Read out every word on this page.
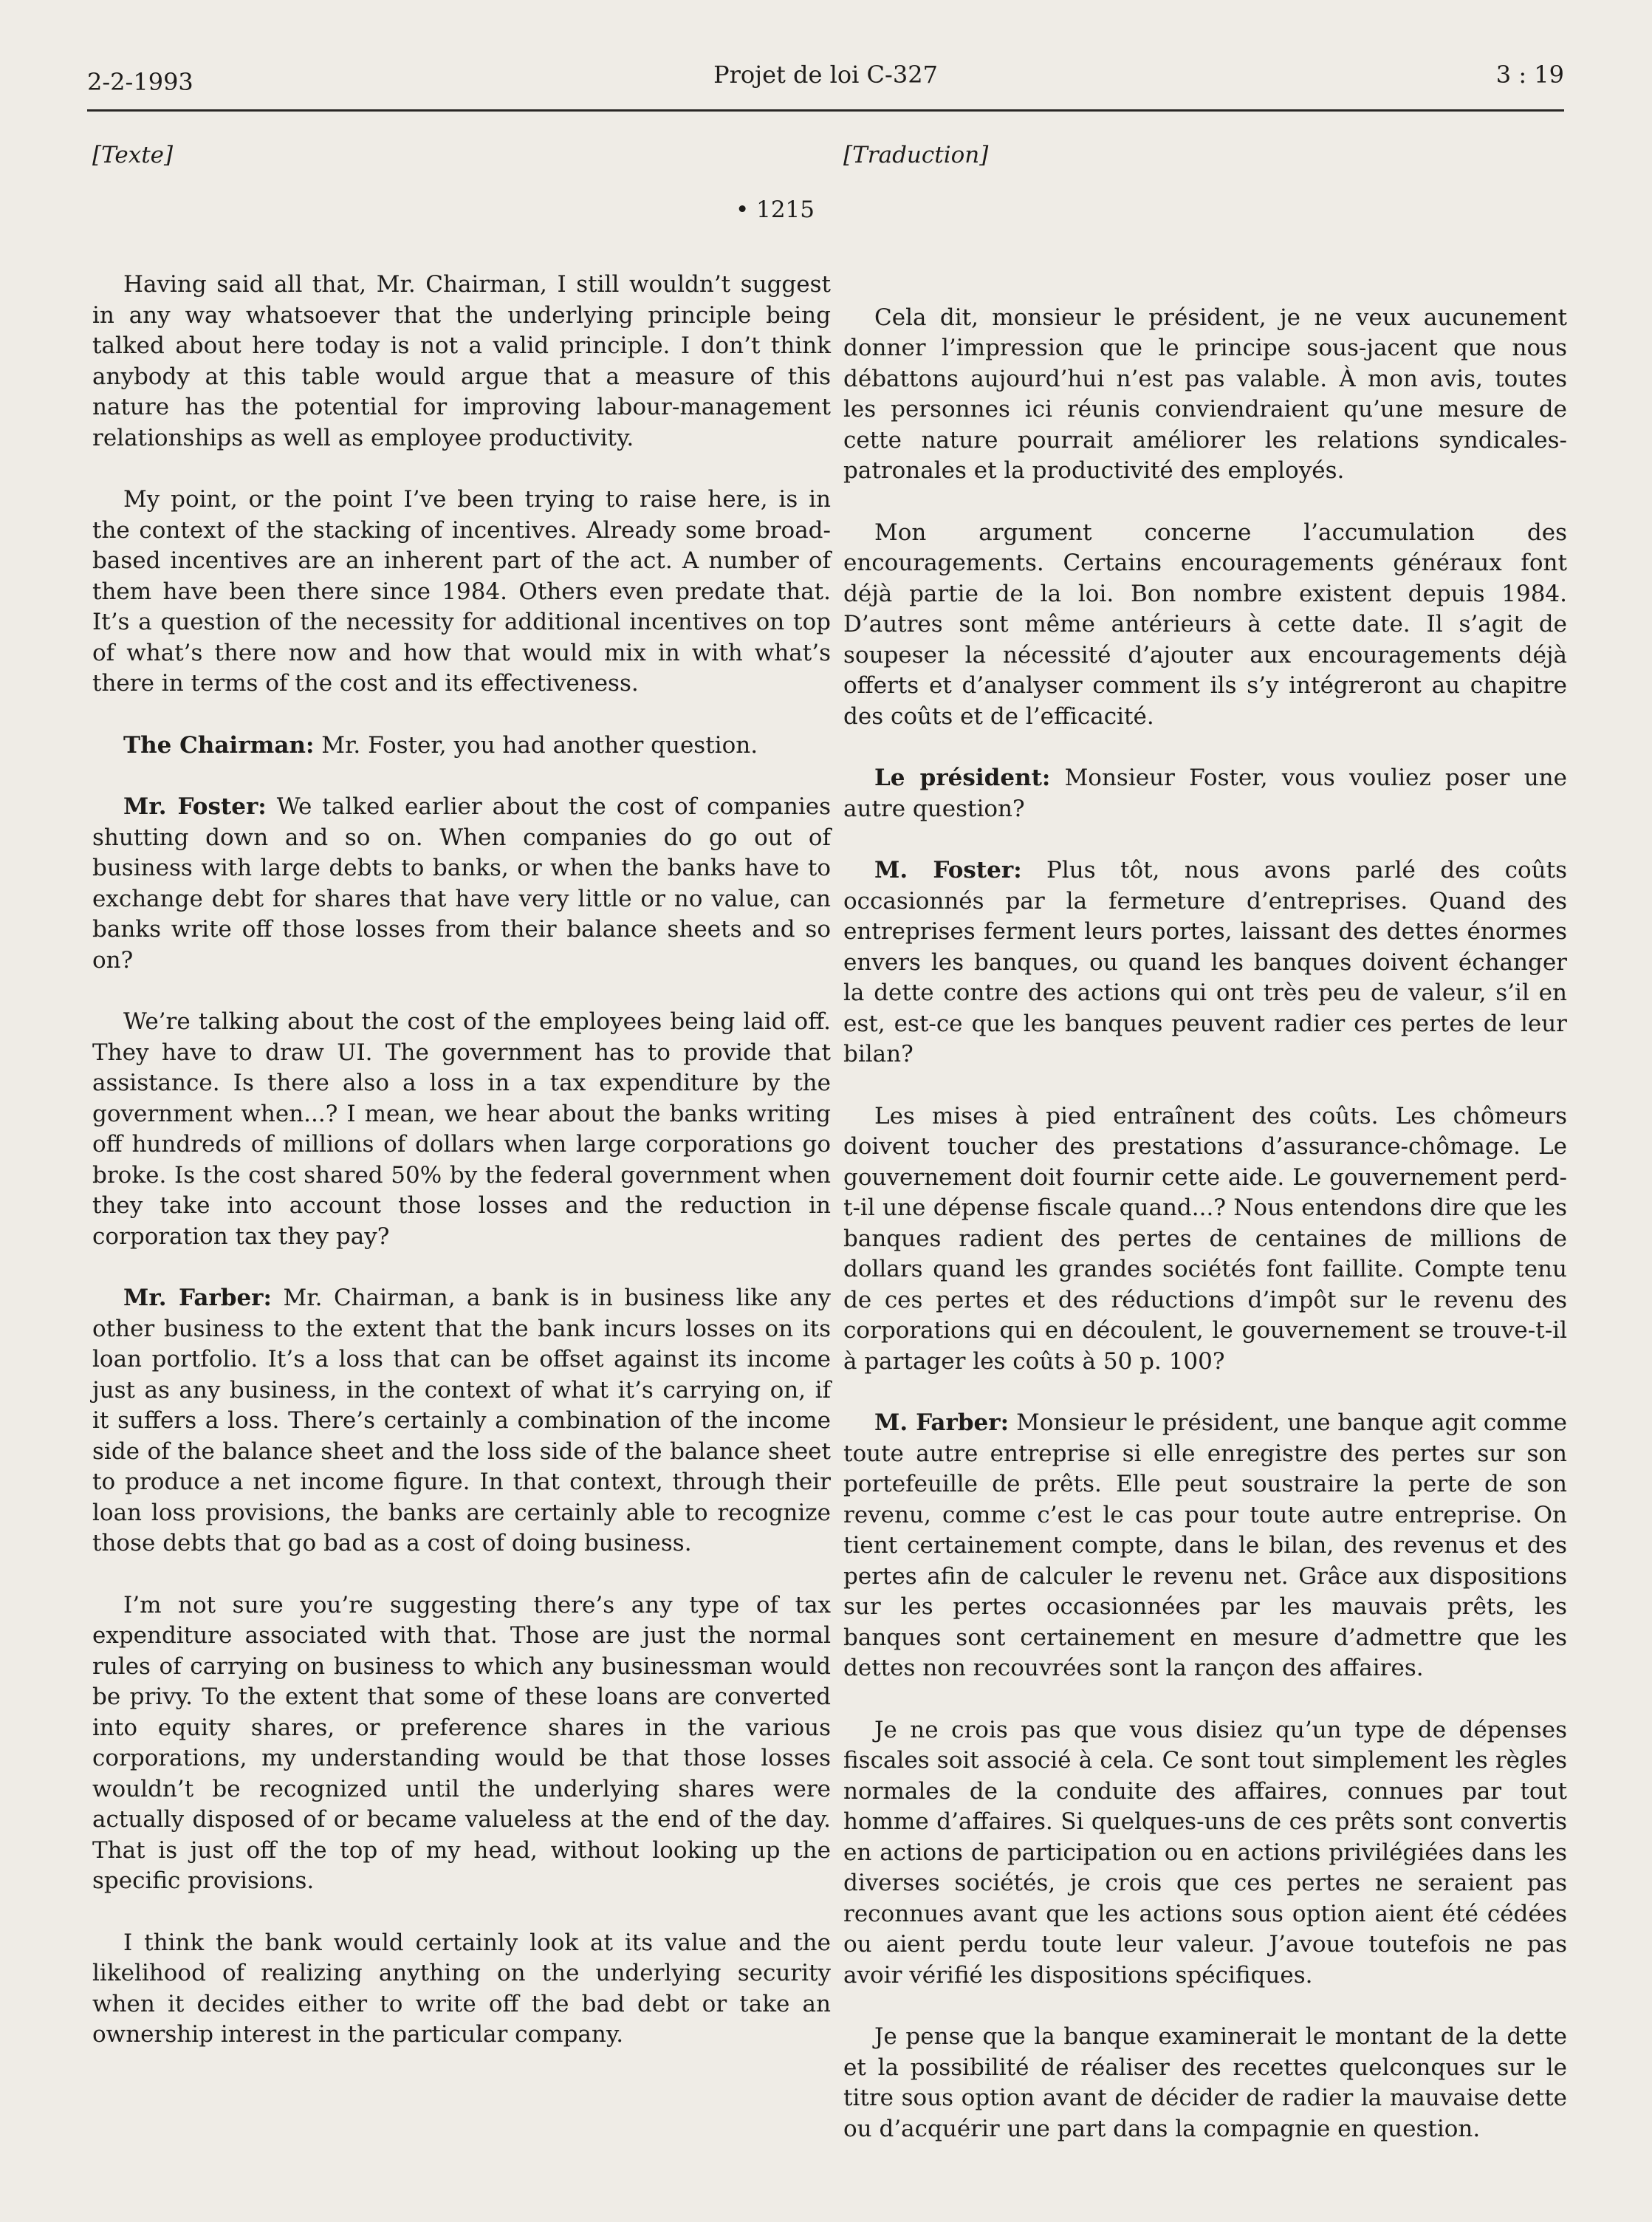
2-2-1993	Projet de loi C-327	3 : 19
[Texte]
• 1215

Having said all that, Mr. Chairman, I still wouldn’t suggest in any way whatsoever that the underlying principle being talked about here today is not a valid principle. I don’t think anybody at this table would argue that a measure of this nature has the potential for improving labour-management relationships as well as employee productivity.

My point, or the point I’ve been trying to raise here, is in the context of the stacking of incentives. Already some broad-based incentives are an inherent part of the act. A number of them have been there since 1984. Others even predate that. It’s a question of the necessity for additional incentives on top of what’s there now and how that would mix in with what’s there in terms of the cost and its effectiveness.

The Chairman: Mr. Foster, you had another question.

Mr. Foster: We talked earlier about the cost of companies shutting down and so on. When companies do go out of business with large debts to banks, or when the banks have to exchange debt for shares that have very little or no value, can banks write off those losses from their balance sheets and so on?

We’re talking about the cost of the employees being laid off. They have to draw UI. The government has to provide that assistance. Is there also a loss in a tax expenditure by the government when...? I mean, we hear about the banks writing off hundreds of millions of dollars when large corporations go broke. Is the cost shared 50% by the federal government when they take into account those losses and the reduction in corporation tax they pay?

Mr. Farber: Mr. Chairman, a bank is in business like any other business to the extent that the bank incurs losses on its loan portfolio. It’s a loss that can be offset against its income just as any business, in the context of what it’s carrying on, if it suffers a loss. There’s certainly a combination of the income side of the balance sheet and the loss side of the balance sheet to produce a net income figure. In that context, through their loan loss provisions, the banks are certainly able to recognize those debts that go bad as a cost of doing business.

I’m not sure you’re suggesting there’s any type of tax expenditure associated with that. Those are just the normal rules of carrying on business to which any businessman would be privy. To the extent that some of these loans are converted into equity shares, or preference shares in the various corporations, my understanding would be that those losses wouldn’t be recognized until the underlying shares were actually disposed of or became valueless at the end of the day. That is just off the top of my head, without looking up the specific provisions.

I think the bank would certainly look at its value and the likelihood of realizing anything on the underlying security when it decides either to write off the bad debt or take an ownership interest in the particular company.

[Traduction]

Cela dit, monsieur le président, je ne veux aucunement donner l’impression que le principe sous-jacent que nous débattons aujourd’hui n’est pas valable. À mon avis, toutes les personnes ici réunis conviendraient qu’une mesure de cette nature pourrait améliorer les relations syndicales-patronales et la productivité des employés.

Mon argument concerne l’accumulation des encouragements. Certains encouragements généraux font déjà partie de la loi. Bon nombre existent depuis 1984. D’autres sont même antérieurs à cette date. Il s’agit de soupeser la nécessité d’ajouter aux encouragements déjà offerts et d’analyser comment ils s’y intégreront au chapitre des coûts et de l’efficacité.

Le président: Monsieur Foster, vous vouliez poser une autre question?

M. Foster: Plus tôt, nous avons parlé des coûts occasionnés par la fermeture d’entreprises. Quand des entreprises ferment leurs portes, laissant des dettes énormes envers les banques, ou quand les banques doivent échanger la dette contre des actions qui ont très peu de valeur, s’il en est, est-ce que les banques peuvent radier ces pertes de leur bilan?

Les mises à pied entraînent des coûts. Les chômeurs doivent toucher des prestations d’assurance-chômage. Le gouvernement doit fournir cette aide. Le gouvernement perd-t-il une dépense fiscale quand...? Nous entendons dire que les banques radient des pertes de centaines de millions de dollars quand les grandes sociétés font faillite. Compte tenu de ces pertes et des réductions d’impôt sur le revenu des corporations qui en découlent, le gouvernement se trouve-t-il à partager les coûts à 50 p. 100?

M. Farber: Monsieur le président, une banque agit comme toute autre entreprise si elle enregistre des pertes sur son portefeuille de prêts. Elle peut soustraire la perte de son revenu, comme c’est le cas pour toute autre entreprise. On tient certainement compte, dans le bilan, des revenus et des pertes afin de calculer le revenu net. Grâce aux dispositions sur les pertes occasionnées par les mauvais prêts, les banques sont certainement en mesure d’admettre que les dettes non recouvrées sont la rançon des affaires.

Je ne crois pas que vous disiez qu’un type de dépenses fiscales soit associé à cela. Ce sont tout simplement les règles normales de la conduite des affaires, connues par tout homme d’affaires. Si quelques-uns de ces prêts sont convertis en actions de participation ou en actions privilégiées dans les diverses sociétés, je crois que ces pertes ne seraient pas reconnues avant que les actions sous option aient été cédées ou aient perdu toute leur valeur. J’avoue toutefois ne pas avoir vérifié les dispositions spécifiques.

Je pense que la banque examinerait le montant de la dette et la possibilité de réaliser des recettes quelconques sur le titre sous option avant de décider de radier la mauvaise dette ou d’acquérir une part dans la compagnie en question.
